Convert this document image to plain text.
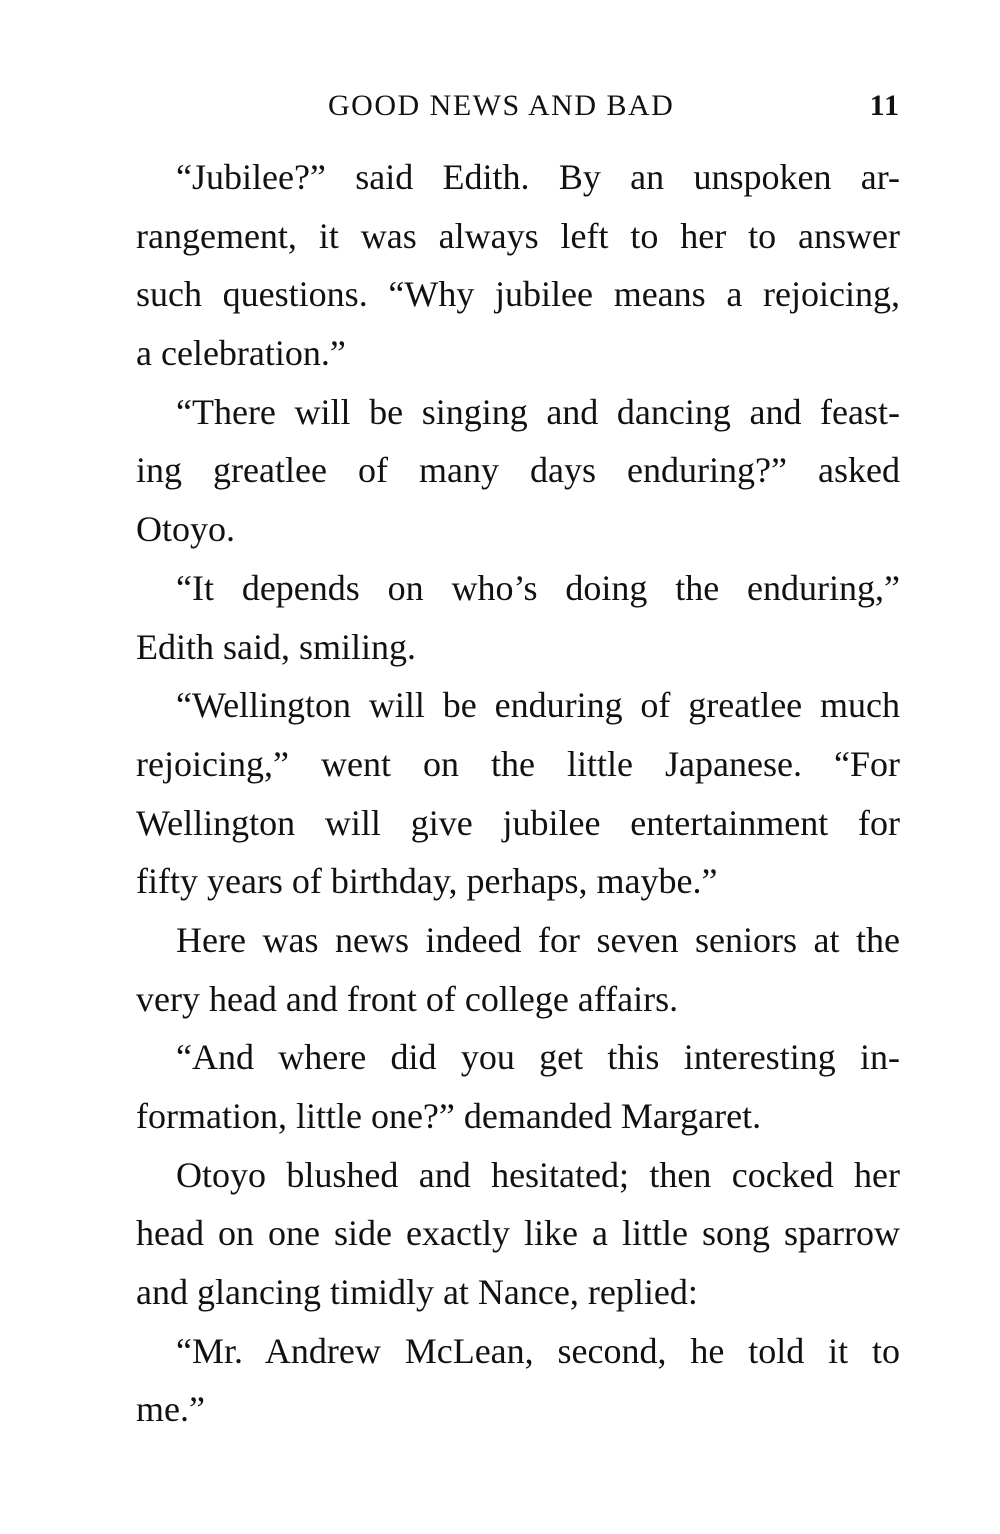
GOOD NEWS AND BAD	11
“Jubilee?” said Edith. By an unspoken ar-
rangement, it was always left to her to answer
such questions. “Why jubilee means a rejoicing,
a celebration.”
“There will be singing and dancing and feast-
ing greatlee of many days enduring?” asked
Otoyo.
“It depends on who’s doing the enduring,”
Edith said, smiling.
“Wellington will be enduring of greatlee much
rejoicing,” went on the little Japanese. “For
Wellington will give jubilee entertainment for
fifty years of birthday, perhaps, maybe.”
Here was news indeed for seven seniors at the
very head and front of college affairs.
“And where did you get this interesting in-
formation, little one?” demanded Margaret.
Otoyo blushed and hesitated; then cocked her
head on one side exactly like a little song sparrow
and glancing timidly at Nance, replied:
“Mr. Andrew McLean, second, he told it to
me.”
